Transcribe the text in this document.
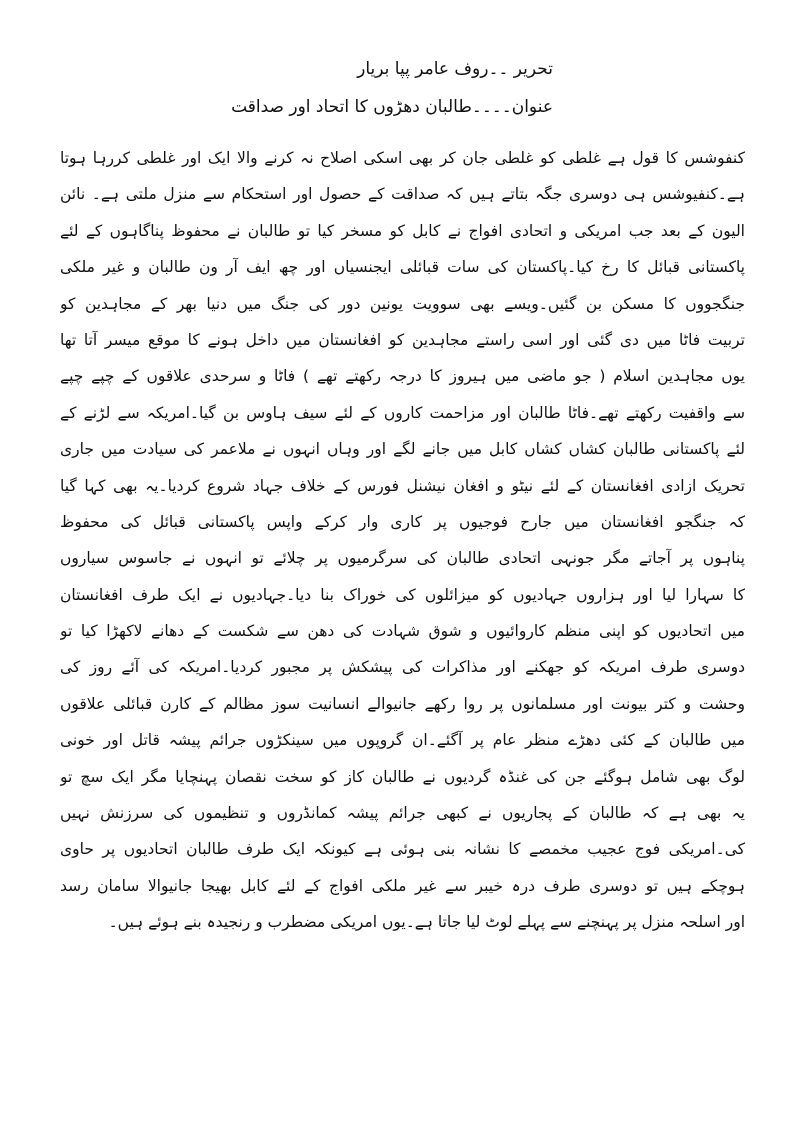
تحریر ۔۔روف عامر پپا بریار
عنوان۔۔۔۔طالبان دھڑوں کا اتحاد اور صداقت
کنفوشس کا قول ہے غلطی کو غلطی جان کر بھی اسکی اصلاح نہ کرنے والا ایک اور غلطی کررہا ہوتا
ہے۔کنفیوشس ہی دوسری جگہ بتاتے ہیں کہ صداقت کے حصول اور استحکام سے منزل ملتی ہے۔ نائن
الیون کے بعد جب امریکی و اتحادی افواج نے کابل کو مسخر کیا تو طالبان نے محفوظ پناگاہوں کے لئے
پاکستانی قبائل کا رخ کیا۔پاکستان کی سات قبائلی ایجنسیاں اور چھ ایف آر ون طالبان و غیر ملکی
جنگجووں کا مسکن بن گئیں۔ویسے بھی سوویت یونین دور کی جنگ میں دنیا بھر کے مجاہدین کو
تربیت فاٹا میں دی گئی اور اسی راستے مجاہدین کو افغانستان میں داخل ہونے کا موقع میسر آتا تھا
یوں مجاہدین اسلام ( جو ماضی میں ہیروز کا درجہ رکھتے تھے ) فاٹا و سرحدی علاقوں کے چپے چپے
سے واقفیت رکھتے تھے۔فاٹا طالبان اور مزاحمت کاروں کے لئے سیف ہاوس بن گیا۔امریکہ سے لڑنے کے
لئے پاکستانی طالبان کشاں کشاں کابل میں جانے لگے اور وہاں انہوں نے ملاعمر کی سیادت میں جاری
تحریک ازادی افغانستان کے لئے نیٹو و افغان نیشنل فورس کے خلاف جہاد شروع کردیا۔یہ بھی کہا گیا
کہ جنگجو افغانستان میں جارح فوجیوں پر کاری وار کرکے واپس پاکستانی قبائل کی محفوظ
پناہوں پر آجاتے مگر جونہی اتحادی طالبان کی سرگرمیوں پر چلائے تو انہوں نے جاسوس سیاروں
کا سہارا لیا اور ہزاروں جہادیوں کو میزائلوں کی خوراک بنا دیا۔جہادیوں نے ایک طرف افغانستان
میں اتحادیوں کو اپنی منظم کاروائیوں و شوق شہادت کی دھن سے شکست کے دھانے لاکھڑا کیا تو
دوسری طرف امریکہ کو جھکنے اور مذاکرات کی پیشکش پر مجبور کردیا۔امریکہ کی آئے روز کی
وحشت و کتر بیونت اور مسلمانوں پر روا رکھے جانیوالے انسانیت سوز مظالم کے کارن قبائلی علاقوں
میں طالبان کے کئی دھڑے منظر عام پر آگئے۔ان گروپوں میں سینکڑوں جرائم پیشہ قاتل اور خونی
لوگ بھی شامل ہوگئے جن کی غنڈہ گردیوں نے طالبان کاز کو سخت نقصان پہنچایا مگر ایک سچ تو
یہ بھی ہے کہ طالبان کے پجاریوں نے کبھی جرائم پیشہ کمانڈروں و تنظیموں کی سرزنش نہیں
کی۔امریکی فوج عجیب مخمصے کا نشانہ بنی ہوئی ہے کیونکہ ایک طرف طالبان اتحادیوں پر حاوی
ہوچکے ہیں تو دوسری طرف درہ خیبر سے غیر ملکی افواج کے لئے کابل بھیجا جانیوالا سامان رسد
اور اسلحہ منزل پر پہنچنے سے پہلے لوٹ لیا جاتا ہے۔یوں امریکی مضطرب و رنجیدہ بنے ہوئے ہیں۔
